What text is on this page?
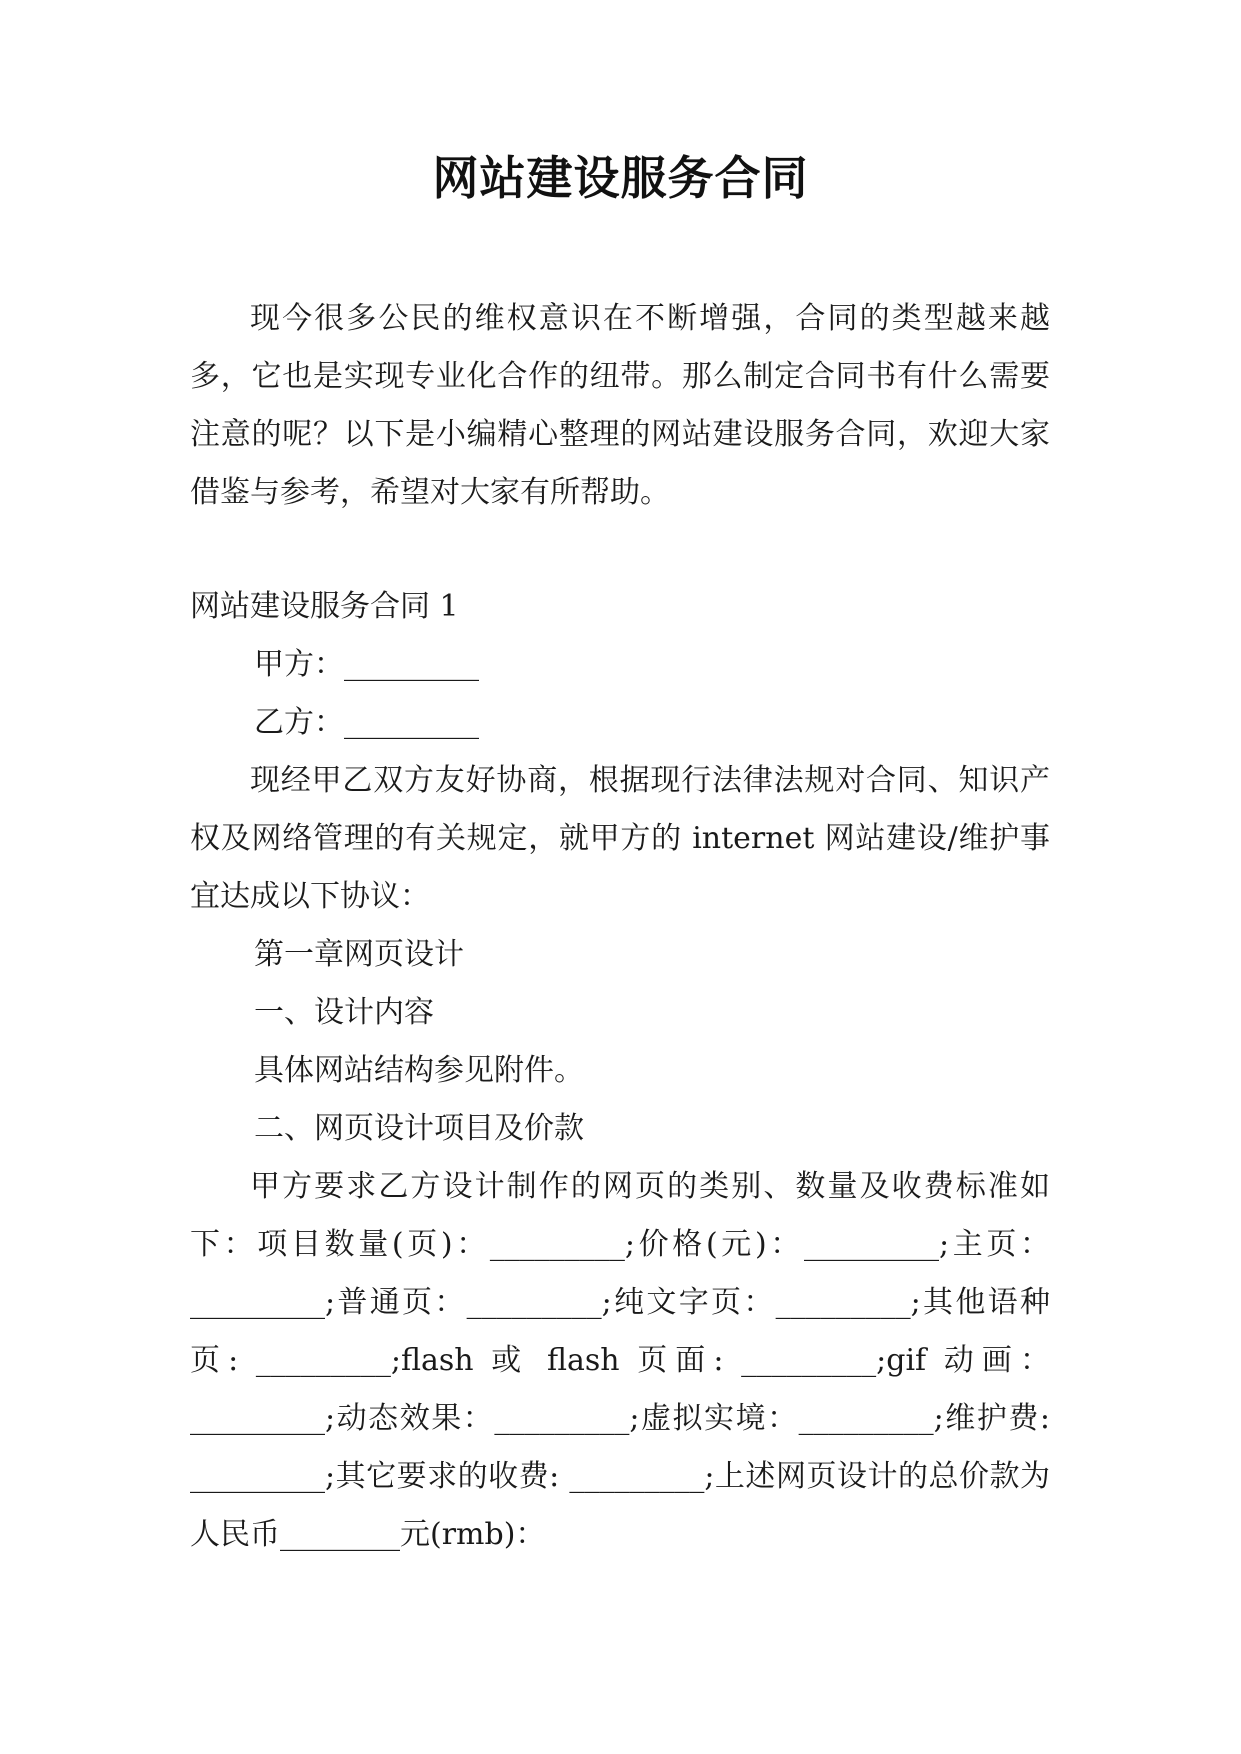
网站建设服务合同

现今很多公民的维权意识在不断增强，合同的类型越来越多，它也是实现专业化合作的纽带。那么制定合同书有什么需要注意的呢？以下是小编精心整理的网站建设服务合同，欢迎大家借鉴与参考，希望对大家有所帮助。

网站建设服务合同 1

甲方：_________

乙方：_________

现经甲乙双方友好协商，根据现行法律法规对合同、知识产权及网络管理的有关规定，就甲方的 internet 网站建设/维护事宜达成以下协议：

第一章网页设计

一、设计内容

具体网站结构参见附件。

二、网页设计项目及价款

甲方要求乙方设计制作的网页的类别、数量及收费标准如下：项目数量(页)：_________;价格(元)：_________;主页：_________;普通页：_________;纯文字页：_________;其他语种页: _________;flash 或 flash 页面: _________;gif 动画：_________;动态效果：_________;虚拟实境：_________;维护费: _________;其它要求的收费: _________;上述网页设计的总价款为人民币________元(rmb)：
